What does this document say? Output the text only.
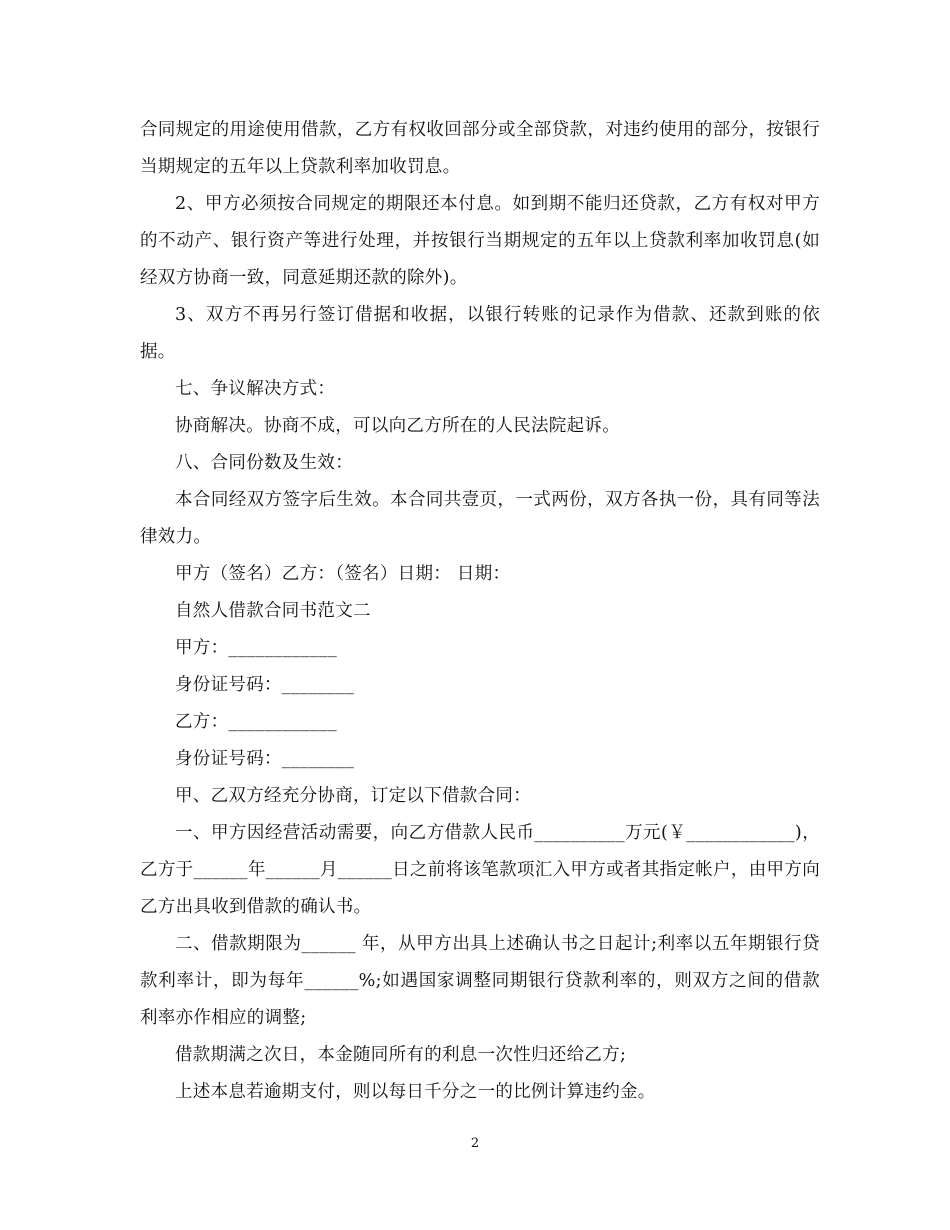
合同规定的用途使用借款，乙方有权收回部分或全部贷款，对违约使用的部分，按银行当期规定的五年以上贷款利率加收罚息。

2、甲方必须按合同规定的期限还本付息。如到期不能归还贷款，乙方有权对甲方的不动产、银行资产等进行处理，并按银行当期规定的五年以上贷款利率加收罚息(如经双方协商一致，同意延期还款的除外)。

3、双方不再另行签订借据和收据，以银行转账的记录作为借款、还款到账的依据。

七、争议解决方式：

协商解决。协商不成，可以向乙方所在的人民法院起诉。

八、合同份数及生效：

本合同经双方签字后生效。本合同共壹页，一式两份，双方各执一份，具有同等法律效力。

甲方（签名）乙方：（签名）日期： 日期：

自然人借款合同书范文二

甲方：____________

身份证号码：________

乙方：____________

身份证号码：________

甲、乙双方经充分协商，订定以下借款合同：

一、甲方因经营活动需要，向乙方借款人民币__________万元(￥____________)，乙方于______年______月______日之前将该笔款项汇入甲方或者其指定帐户，由甲方向乙方出具收到借款的确认书。

二、借款期限为______ 年，从甲方出具上述确认书之日起计;利率以五年期银行贷款利率计，即为每年______%;如遇国家调整同期银行贷款利率的，则双方之间的借款利率亦作相应的调整;

借款期满之次日，本金随同所有的利息一次性归还给乙方;

上述本息若逾期支付，则以每日千分之一的比例计算违约金。

2
